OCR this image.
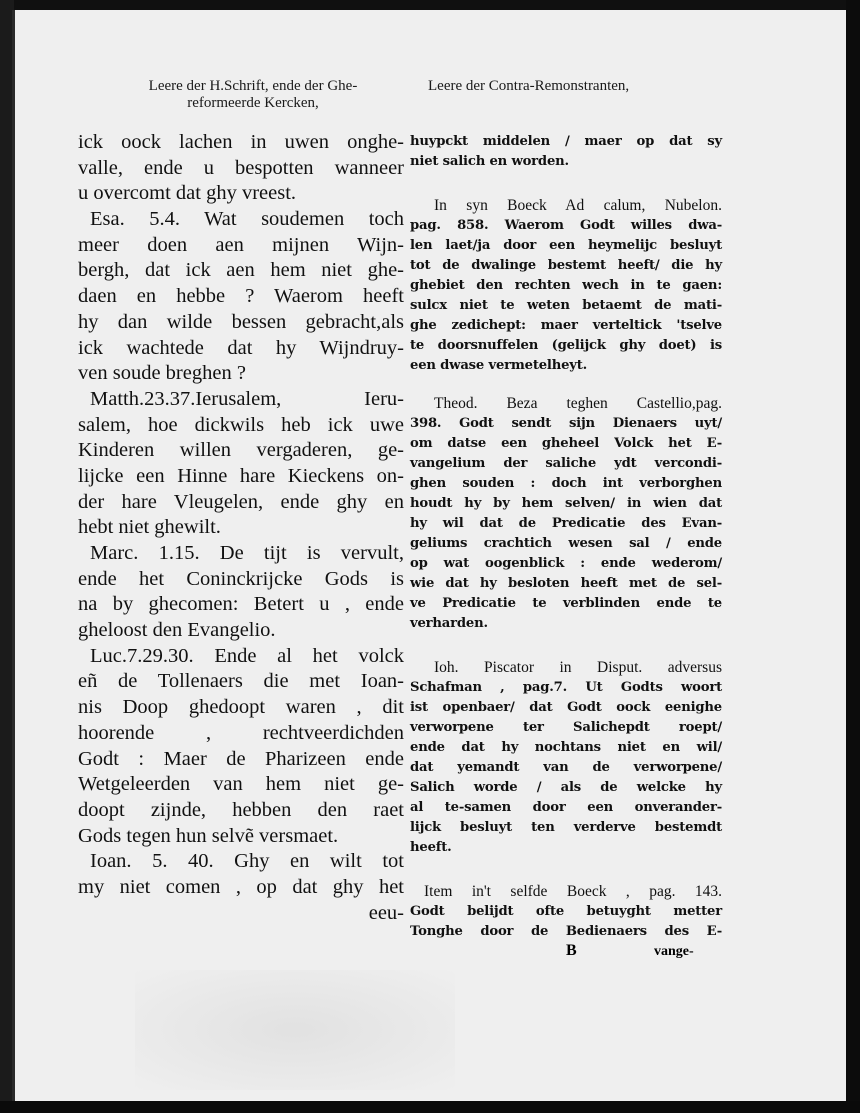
Leere der H.Schrift, ende der Ghe-
reformeerde Kercken,
Leere der Contra-Remonstranten,
ick oock lachen in uwen onghe-
valle, ende u bespotten wanneer
u overcomt dat ghy vreest.
Esa. 5.4. Wat soudemen toch
meer doen aen mijnen Wijn-
bergh, dat ick aen hem niet ghe-
daen en hebbe ? Waerom heeft
hy dan wilde bessen gebracht,als
ick wachtede dat hy Wijndruy-
ven soude breghen ?
Matth.23.37.Ierusalem, Ieru-
salem, hoe dickwils heb ick uwe
Kinderen willen vergaderen, ge-
lijcke een Hinne hare Kieckens on-
der hare Vleugelen, ende ghy en
hebt niet ghewilt.
Marc. 1.15. De tijt is vervult,
ende het Coninckrijcke Gods is
na by ghecomen: Betert u , ende
gheloost den Evangelio.
Luc.7.29.30. Ende al het volck
eñ de Tollenaers die met Ioan-
nis Doop ghedoopt waren , dit
hoorende , rechtveerdichden
Godt : Maer de Pharizeen ende
Wetgeleerden van hem niet ge-
doopt zijnde, hebben den raet
Gods tegen hun selvẽ versmaet.
Ioan. 5. 40. Ghy en wilt tot
my niet comen , op dat ghy het
eeu-
huypckt middelen / maer op dat sy
niet salich en worden.
In syn Boeck Ad calum, Nubelon.
pag. 858. Waerom Godt willes dwa-
len laet/ja door een heymelijc besluyt
tot de dwalinge bestemt heeft/ die hy
ghebiet den rechten wech in te gaen:
sulcx niet te weten betaemt de mati-
ghe zedichept: maer verteltick 'tselve
te doorsnuffelen (gelijck ghy doet) is
een dwase vermetelheyt.
Theod. Beza teghen Castellio,pag.
398. Godt sendt sijn Dienaers uyt/
om datse een gheheel Volck het E-
vangelium der saliche ydt vercondi-
ghen souden : doch int verborghen
houdt hy by hem selven/ in wien dat
hy wil dat de Predicatie des Evan-
geliums crachtich wesen sal / ende
op wat oogenblick : ende wederom/
wie dat hy besloten heeft met de sel-
ve Predicatie te verblinden ende te
verharden.
Ioh. Piscator in Disput. adversus
Schafman , pag.7. Ut Godts woort
ist openbaer/ dat Godt oock eenighe
verworpene ter Salichepdt roept/
ende dat hy nochtans niet en wil/
dat yemandt van de verworpene/
Salich worde / als de welcke hy
al te-samen door een onverander-
lijck besluyt ten verderve bestemdt
heeft.
Item in't selfde Boeck , pag. 143.
Godt belijdt ofte betuyght metter
Tonghe door de Bedienaers des E-
B	vange-
